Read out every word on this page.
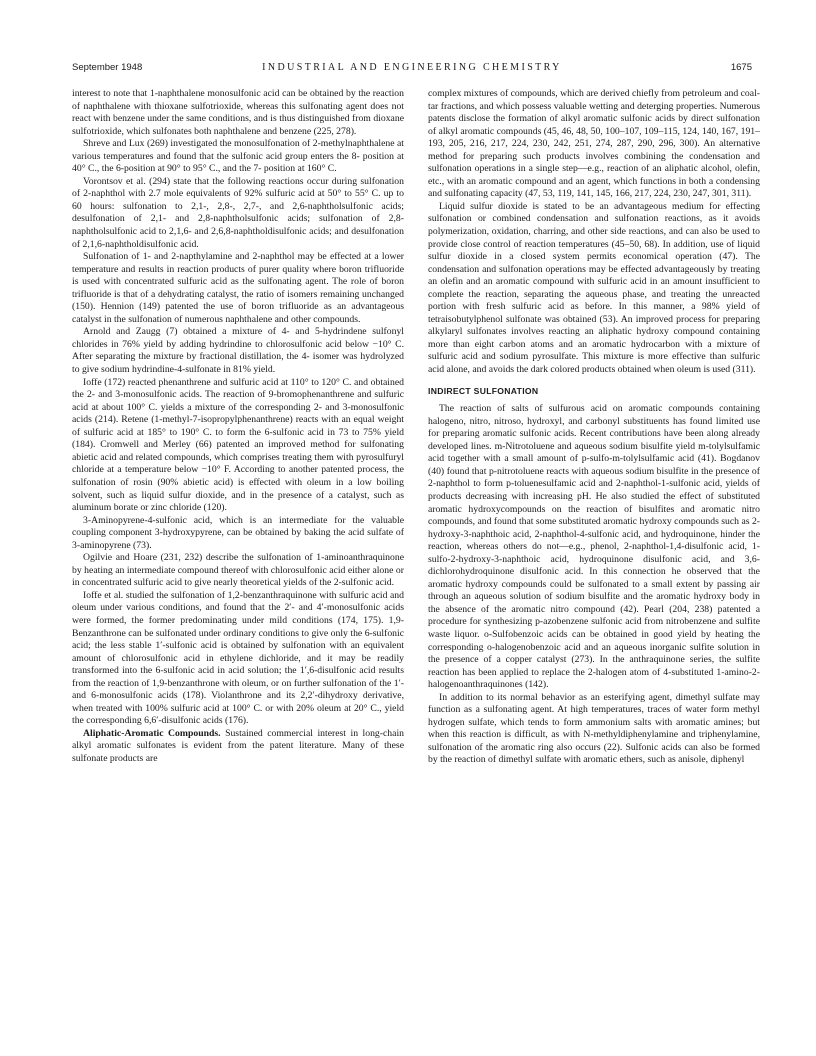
September 1948	INDUSTRIAL AND ENGINEERING CHEMISTRY	1675

interest to note that 1-naphthalene monosulfonic acid can be obtained by the reaction of naphthalene with thioxane sulfotrioxide, whereas this sulfonating agent does not react with benzene under the same conditions, and is thus distinguished from dioxane sulfotrioxide, which sulfonates both naphthalene and benzene (225, 278).

Shreve and Lux (269) investigated the monosulfonation of 2-methylnaphthalene at various temperatures and found that the sulfonic acid group enters the 8- position at 40° C., the 6-position at 90° to 95° C., and the 7- position at 160° C.

Vorontsov et al. (294) state that the following reactions occur during sulfonation of 2-naphthol with 2.7 mole equivalents of 92% sulfuric acid at 50° to 55° C. up to 60 hours: sulfonation to 2,1-, 2,8-, 2,7-, and 2,6-naphtholsulfonic acids; desulfonation of 2,1- and 2,8-naphtholsulfonic acids; sulfonation of 2,8-naphtholsulfonic acid to 2,1,6- and 2,6,8-naphtholdisulfonic acids; and desulfonation of 2,1,6-naphtholdisulfonic acid.

Sulfonation of 1- and 2-napthylamine and 2-naphthol may be effected at a lower temperature and results in reaction products of purer quality where boron trifluoride is used with concentrated sulfuric acid as the sulfonating agent. The role of boron trifluoride is that of a dehydrating catalyst, the ratio of isomers remaining unchanged (150). Hennion (149) patented the use of boron trifluoride as an advantageous catalyst in the sulfonation of numerous naphthalene and other compounds.

Arnold and Zaugg (7) obtained a mixture of 4- and 5-hydrindene sulfonyl chlorides in 76% yield by adding hydrindine to chlorosulfonic acid below −10° C. After separating the mixture by fractional distillation, the 4- isomer was hydrolyzed to give sodium hydrindine-4-sulfonate in 81% yield.

Ioffe (172) reacted phenanthrene and sulfuric acid at 110° to 120° C. and obtained the 2- and 3-monosulfonic acids. The reaction of 9-bromophenanthrene and sulfuric acid at about 100° C. yields a mixture of the corresponding 2- and 3-monosulfonic acids (214). Retene (1-methyl-7-isopropylphenanthrene) reacts with an equal weight of sulfuric acid at 185° to 190° C. to form the 6-sulfonic acid in 73 to 75% yield (184). Cromwell and Merley (66) patented an improved method for sulfonating abietic acid and related compounds, which comprises treating them with pyrosulfuryl chloride at a temperature below −10° F. According to another patented process, the sulfonation of rosin (90% abietic acid) is effected with oleum in a low boiling solvent, such as liquid sulfur dioxide, and in the presence of a catalyst, such as aluminum borate or zinc chloride (120).

3-Aminopyrene-4-sulfonic acid, which is an intermediate for the valuable coupling component 3-hydroxypyrene, can be obtained by baking the acid sulfate of 3-aminopyrene (73).

Ogilvie and Hoare (231, 232) describe the sulfonation of 1-aminoanthraquinone by heating an intermediate compound thereof with chlorosulfonic acid either alone or in concentrated sulfuric acid to give nearly theoretical yields of the 2-sulfonic acid.

Ioffe et al. studied the sulfonation of 1,2-benzanthraquinone with sulfuric acid and oleum under various conditions, and found that the 2′- and 4′-monosulfonic acids were formed, the former predominating under mild conditions (174, 175). 1,9-Benzanthrone can be sulfonated under ordinary conditions to give only the 6-sulfonic acid; the less stable 1′-sulfonic acid is obtained by sulfonation with an equivalent amount of chlorosulfonic acid in ethylene dichloride, and it may be readily transformed into the 6-sulfonic acid in acid solution; the 1′,6-disulfonic acid results from the reaction of 1,9-benzanthrone with oleum, or on further sulfonation of the 1′- and 6-monosulfonic acids (178). Violanthrone and its 2,2′-dihydroxy derivative, when treated with 100% sulfuric acid at 100° C. or with 20% oleum at 20° C., yield the corresponding 6,6′-disulfonic acids (176).

Aliphatic-Aromatic Compounds. Sustained commercial interest in long-chain alkyl aromatic sulfonates is evident from the patent literature. Many of these sulfonate products are

complex mixtures of compounds, which are derived chiefly from petroleum and coal-tar fractions, and which possess valuable wetting and deterging properties. Numerous patents disclose the formation of alkyl aromatic sulfonic acids by direct sulfonation of alkyl aromatic compounds (45, 46, 48, 50, 100–107, 109–115, 124, 140, 167, 191–193, 205, 216, 217, 224, 230, 242, 251, 274, 287, 290, 296, 300). An alternative method for preparing such products involves combining the condensation and sulfonation operations in a single step—e.g., reaction of an aliphatic alcohol, olefin, etc., with an aromatic compound and an agent, which functions in both a condensing and sulfonating capacity (47, 53, 119, 141, 145, 166, 217, 224, 230, 247, 301, 311).

Liquid sulfur dioxide is stated to be an advantageous medium for effecting sulfonation or combined condensation and sulfonation reactions, as it avoids polymerization, oxidation, charring, and other side reactions, and can also be used to provide close control of reaction temperatures (45–50, 68). In addition, use of liquid sulfur dioxide in a closed system permits economical operation (47). The condensation and sulfonation operations may be effected advantageously by treating an olefin and an aromatic compound with sulfuric acid in an amount insufficient to complete the reaction, separating the aqueous phase, and treating the unreacted portion with fresh sulfuric acid as before. In this manner, a 98% yield of tetraisobutylphenol sulfonate was obtained (53). An improved process for preparing alkylaryl sulfonates involves reacting an aliphatic hydroxy compound containing more than eight carbon atoms and an aromatic hydrocarbon with a mixture of sulfuric acid and sodium pyrosulfate. This mixture is more effective than sulfuric acid alone, and avoids the dark colored products obtained when oleum is used (311).

INDIRECT SULFONATION

The reaction of salts of sulfurous acid on aromatic compounds containing halogeno, nitro, nitroso, hydroxyl, and carbonyl substituents has found limited use for preparing aromatic sulfonic acids. Recent contributions have been along already developed lines. m-Nitrotoluene and aqueous sodium bisulfite yield m-tolylsulfamic acid together with a small amount of p-sulfo-m-tolylsulfamic acid (41). Bogdanov (40) found that p-nitrotoluene reacts with aqueous sodium bisulfite in the presence of 2-naphthol to form p-toluenesulfamic acid and 2-naphthol-1-sulfonic acid, yields of products decreasing with increasing pH. He also studied the effect of substituted aromatic hydroxycompounds on the reaction of bisulfites and aromatic nitro compounds, and found that some substituted aromatic hydroxy compounds such as 2-hydroxy-3-naphthoic acid, 2-naphthol-4-sulfonic acid, and hydroquinone, hinder the reaction, whereas others do not—e.g., phenol, 2-naphthol-1,4-disulfonic acid, 1-sulfo-2-hydroxy-3-naphthoic acid, hydroquinone disulfonic acid, and 3,6-dichlorohydroquinone disulfonic acid. In this connection he observed that the aromatic hydroxy compounds could be sulfonated to a small extent by passing air through an aqueous solution of sodium bisulfite and the aromatic hydroxy body in the absence of the aromatic nitro compound (42). Pearl (204, 238) patented a procedure for synthesizing p-azobenzene sulfonic acid from nitrobenzene and sulfite waste liquor. o-Sulfobenzoic acids can be obtained in good yield by heating the corresponding o-halogenobenzoic acid and an aqueous inorganic sulfite solution in the presence of a copper catalyst (273). In the anthraquinone series, the sulfite reaction has been applied to replace the 2-halogen atom of 4-substituted 1-amino-2-halogenoanthraquinones (142).

In addition to its normal behavior as an esterifying agent, dimethyl sulfate may function as a sulfonating agent. At high temperatures, traces of water form methyl hydrogen sulfate, which tends to form ammonium salts with aromatic amines; but when this reaction is difficult, as with N-methyldiphenylamine and triphenylamine, sulfonation of the aromatic ring also occurs (22). Sulfonic acids can also be formed by the reaction of dimethyl sulfate with aromatic ethers, such as anisole, diphenyl
